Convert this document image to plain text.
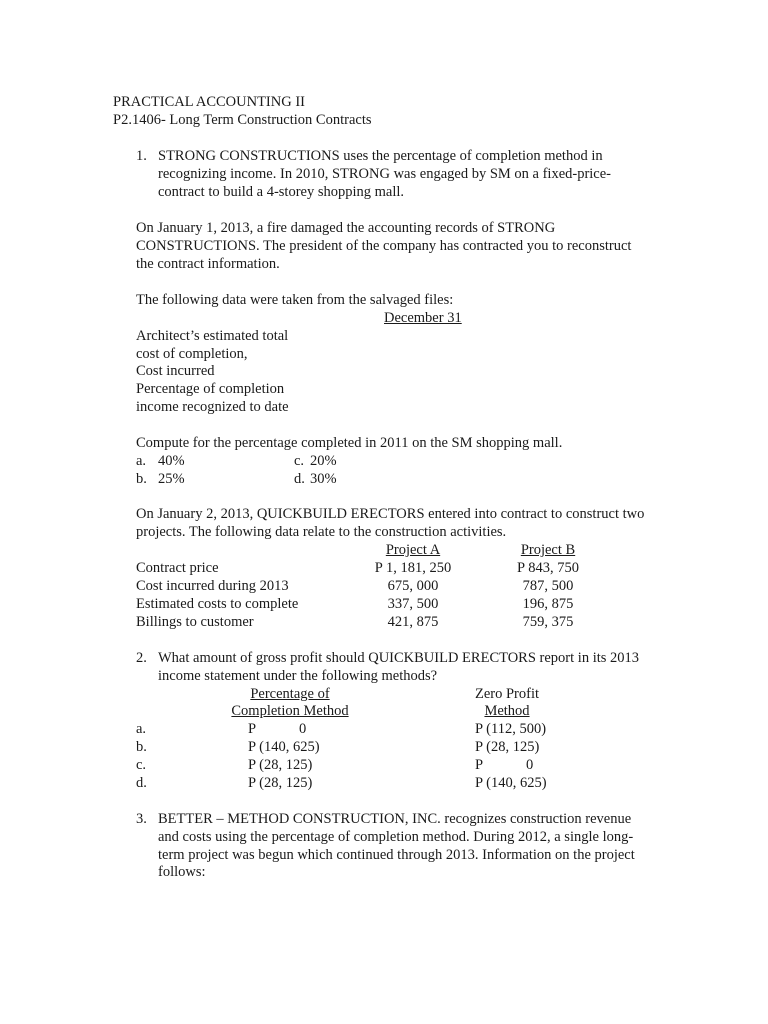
PRACTICAL ACCOUNTING II
P2.1406- Long Term Construction Contracts
1. STRONG CONSTRUCTIONS uses the percentage of completion method in
recognizing income. In 2010, STRONG was engaged by SM on a fixed-price-
contract to build a 4-storey shopping mall.
On January 1, 2013, a fire damaged the accounting records of STRONG
CONSTRUCTIONS. The president of the company has contracted you to reconstruct
the contract information.
The following data were taken from the salvaged files:
December 31
Architect’s estimated total
cost of completion,
Cost incurred
Percentage of completion
income recognized to date
Compute for the percentage completed in 2011 on the SM shopping mall.
a. 40%
b. 25%
c. 20%
d. 30%
On January 2, 2013, QUICKBUILD ERECTORS entered into contract to construct two
projects. The following data relate to the construction activities.
Project A	Project B
Contract price	P 1, 181, 250	P 843, 750
Cost incurred during 2013	675, 000	787, 500
Estimated costs to complete	337, 500	196, 875
Billings to customer	421, 875	759, 375
2. What amount of gross profit should QUICKBUILD ERECTORS report in its 2013
income statement under the following methods?
Percentage of
Completion Method
Zero Profit
Method
a.	P            0	P (112, 500)
b.	P (140, 625)	P (28, 125)
c.	P (28, 125)	P            0
d.	P (28, 125)	P (140, 625)
3. BETTER – METHOD CONSTRUCTION, INC. recognizes construction revenue
and costs using the percentage of completion method. During 2012, a single long-
term project was begun which continued through 2013. Information on the project
follows:
